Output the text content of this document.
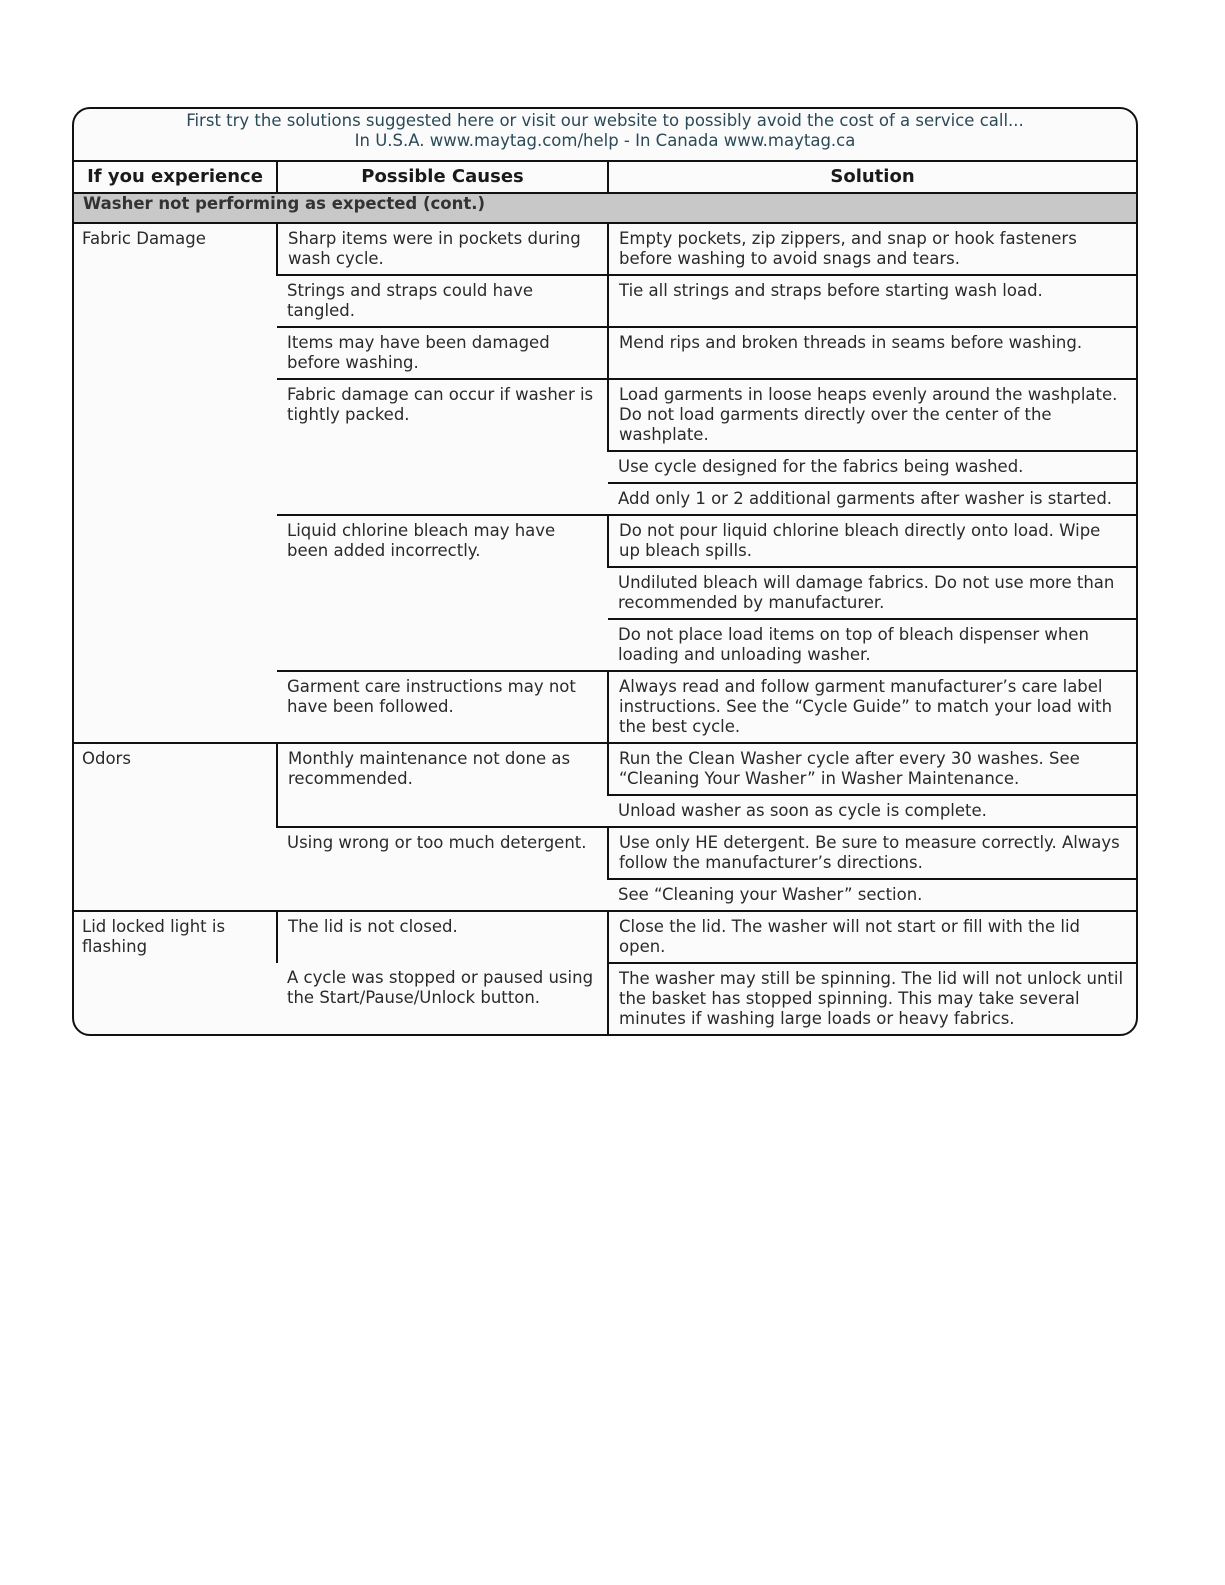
First try the solutions suggested here or visit our website to possibly avoid the cost of a service call...
In U.S.A. www.maytag.com/help - In Canada www.maytag.ca
If you experience	Possible Causes	Solution
Washer not performing as expected (cont.)		
Fabric Damage	Sharp items were in pockets during wash cycle.	Empty pockets, zip zippers, and snap or hook fasteners before washing to avoid snags and tears.
	Strings and straps could have tangled.	Tie all strings and straps before starting wash load.
	Items may have been damaged before washing.	Mend rips and broken threads in seams before washing.
	Fabric damage can occur if washer is tightly packed.	Load garments in loose heaps evenly around the washplate. Do not load garments directly over the center of the washplate.
		Use cycle designed for the fabrics being washed.
		Add only 1 or 2 additional garments after washer is started.
	Liquid chlorine bleach may have been added incorrectly.	Do not pour liquid chlorine bleach directly onto load. Wipe up bleach spills.
		Undiluted bleach will damage fabrics. Do not use more than recommended by manufacturer.
		Do not place load items on top of bleach dispenser when loading and unloading washer.
	Garment care instructions may not have been followed.	Always read and follow garment manufacturer’s care label instructions. See the “Cycle Guide” to match your load with the best cycle.
Odors	Monthly maintenance not done as recommended.	Run the Clean Washer cycle after every 30 washes. See “Cleaning Your Washer” in Washer Maintenance.
		Unload washer as soon as cycle is complete.
	Using wrong or too much detergent.	Use only HE detergent. Be sure to measure correctly. Always follow the manufacturer’s directions.
		See “Cleaning your Washer” section.
Lid locked light is flashing	The lid is not closed.	Close the lid. The washer will not start or fill with the lid open.
	A cycle was stopped or paused using the Start/Pause/Unlock button.	The washer may still be spinning. The lid will not unlock until the basket has stopped spinning. This may take several minutes if washing large loads or heavy fabrics.
